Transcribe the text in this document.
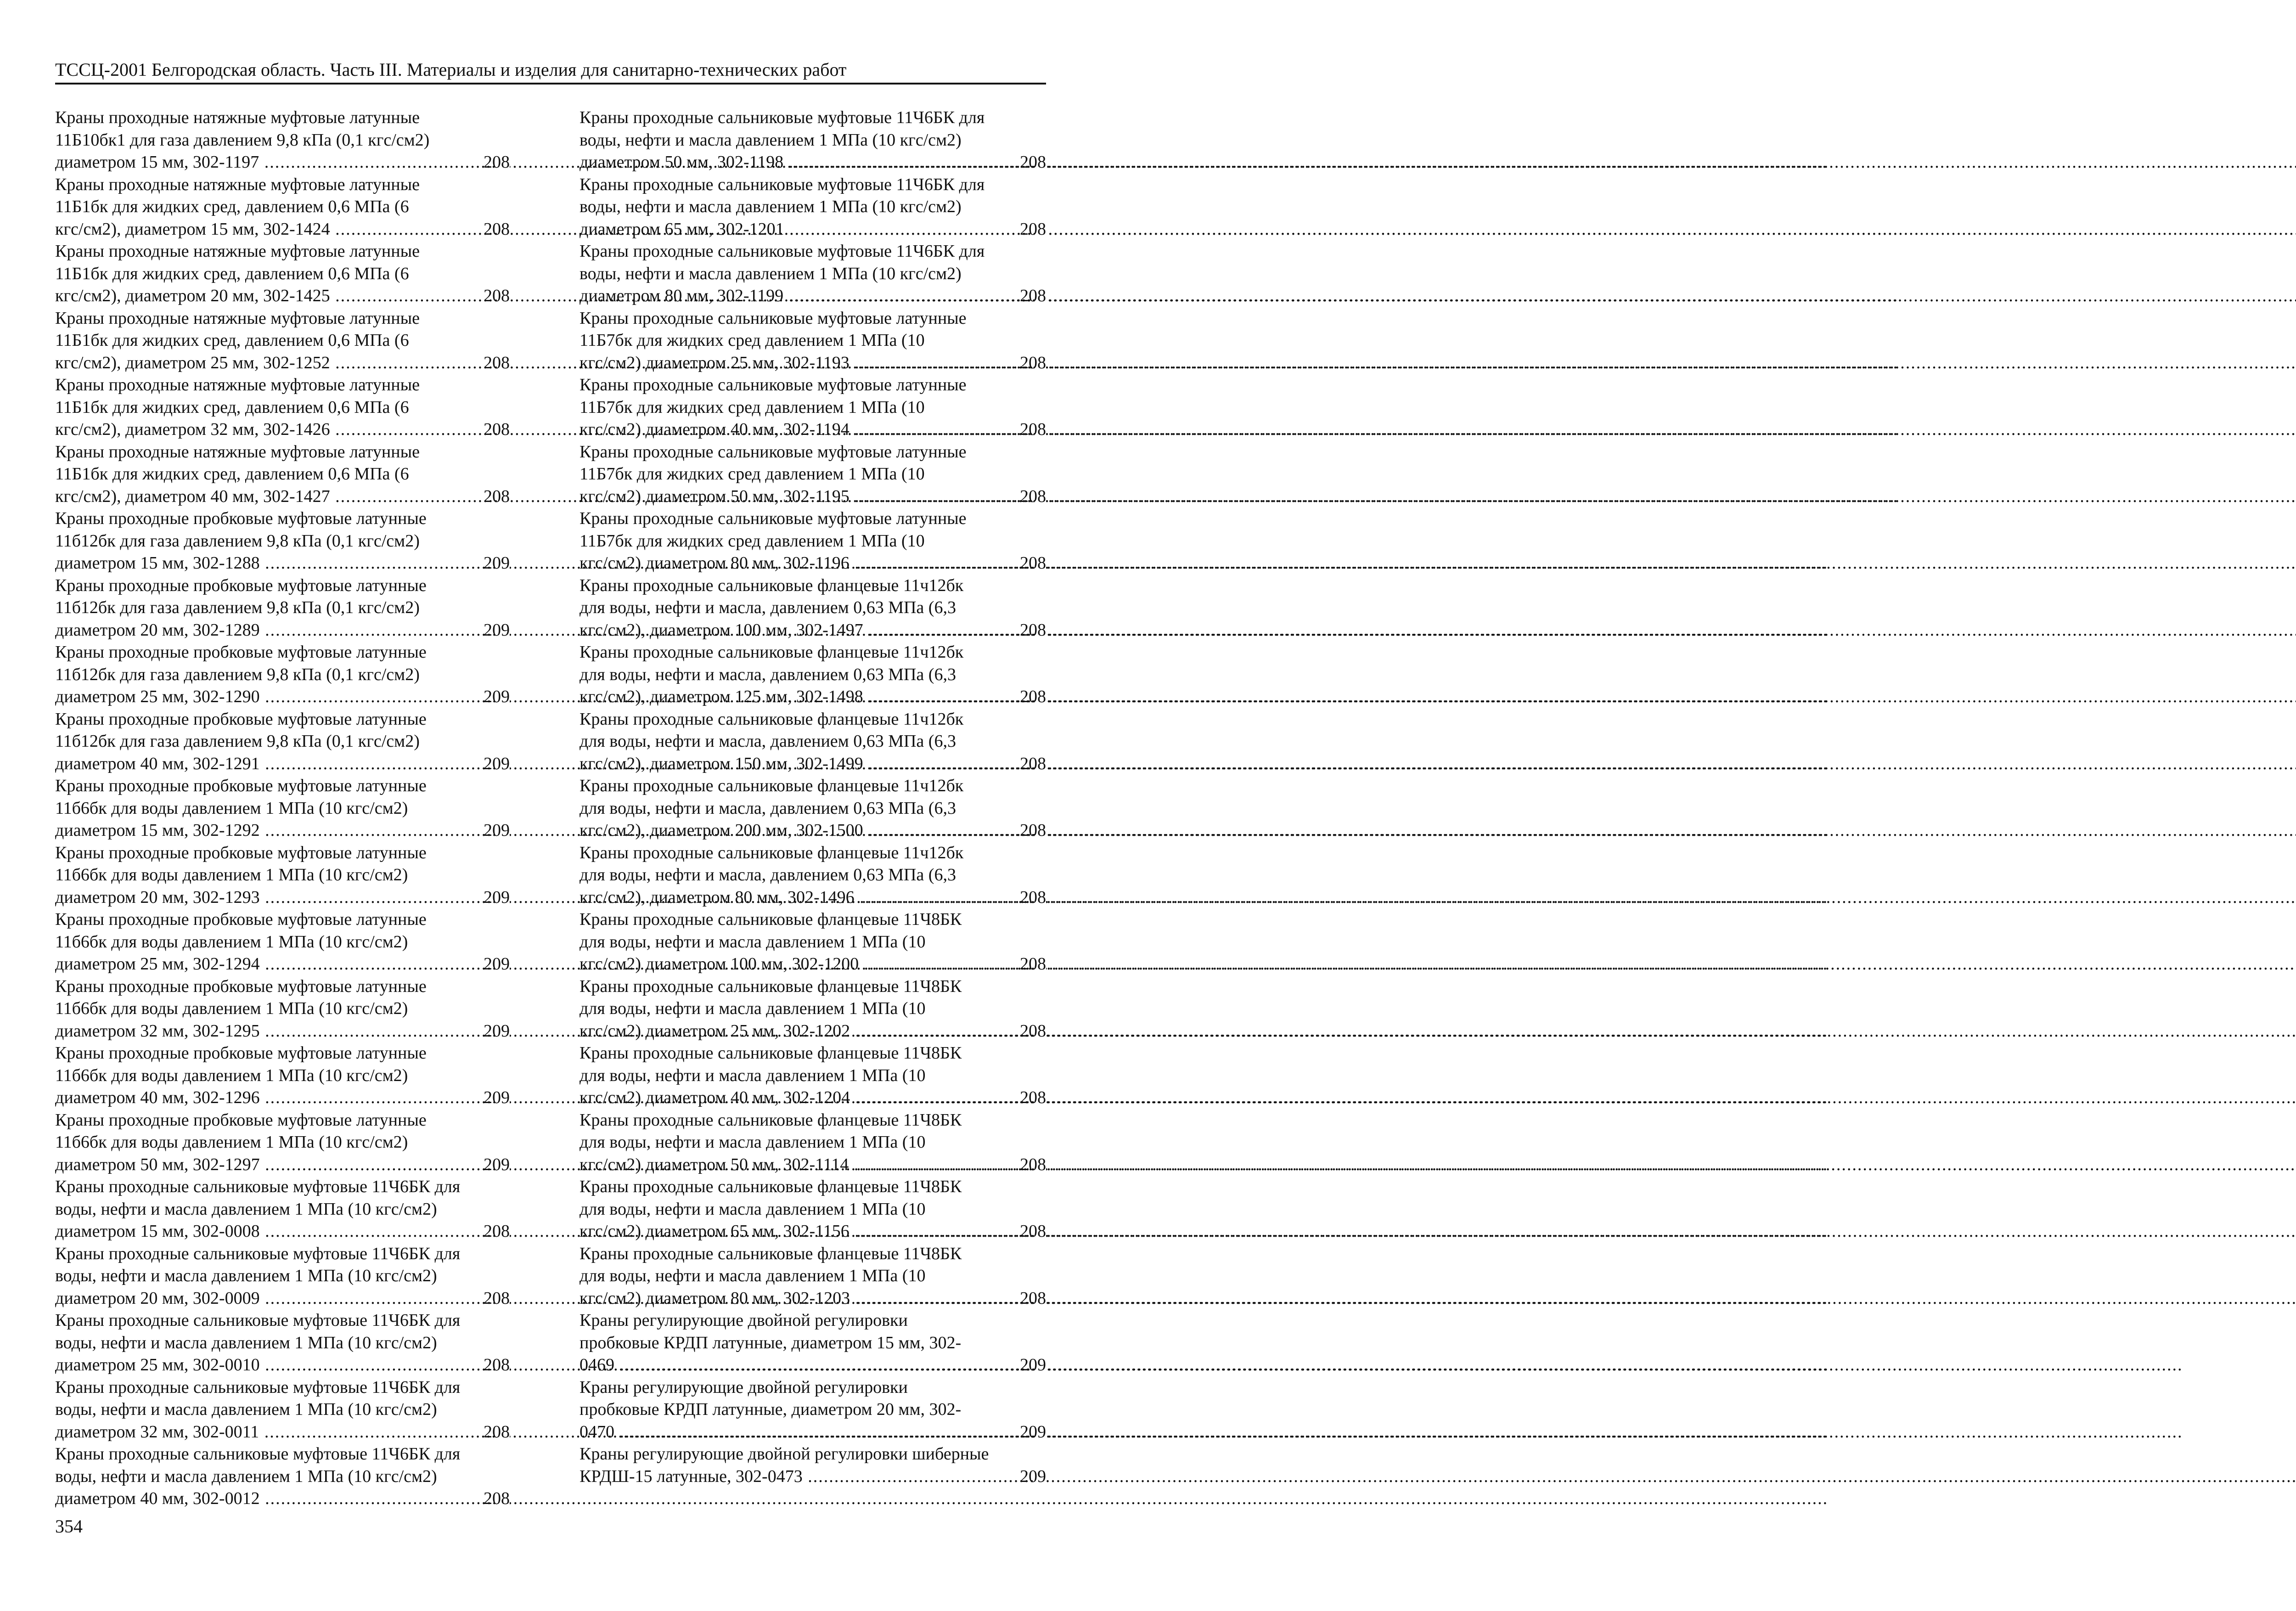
ТССЦ-2001 Белгородская область. Часть III. Материалы и изделия для санитарно-технических работ
Краны проходные натяжные муфтовые латунные
11Б10бк1 для газа давлением 9,8 кПа (0,1 кгс/см2)
208
диаметром 15 мм, 302-1197 .....
Краны проходные натяжные муфтовые латунные
11Б1бк для жидких сред, давлением 0,6 МПа (6
208
кгс/см2), диаметром 15 мм, 302-1424 .....
Краны проходные натяжные муфтовые латунные
11Б1бк для жидких сред, давлением 0,6 МПа (6
208
кгс/см2), диаметром 20 мм, 302-1425 .....
Краны проходные натяжные муфтовые латунные
11Б1бк для жидких сред, давлением 0,6 МПа (6
208
кгс/см2), диаметром 25 мм, 302-1252 .....
Краны проходные натяжные муфтовые латунные
11Б1бк для жидких сред, давлением 0,6 МПа (6
208
кгс/см2), диаметром 32 мм, 302-1426 .....
Краны проходные натяжные муфтовые латунные
11Б1бк для жидких сред, давлением 0,6 МПа (6
208
кгс/см2), диаметром 40 мм, 302-1427 .....
Краны проходные пробковые муфтовые латунные
11б12бк для газа давлением 9,8 кПа (0,1 кгс/см2)
209
диаметром 15 мм, 302-1288 .....
Краны проходные пробковые муфтовые латунные
11б12бк для газа давлением 9,8 кПа (0,1 кгс/см2)
209
диаметром 20 мм, 302-1289 .....
Краны проходные пробковые муфтовые латунные
11б12бк для газа давлением 9,8 кПа (0,1 кгс/см2)
209
диаметром 25 мм, 302-1290 .....
Краны проходные пробковые муфтовые латунные
11б12бк для газа давлением 9,8 кПа (0,1 кгс/см2)
209
диаметром 40 мм, 302-1291 .....
Краны проходные пробковые муфтовые латунные
11б6бк для воды давлением 1 МПа (10 кгс/см2)
209
диаметром 15 мм, 302-1292 .....
Краны проходные пробковые муфтовые латунные
11б6бк для воды давлением 1 МПа (10 кгс/см2)
209
диаметром 20 мм, 302-1293 .....
Краны проходные пробковые муфтовые латунные
11б6бк для воды давлением 1 МПа (10 кгс/см2)
209
диаметром 25 мм, 302-1294 .....
Краны проходные пробковые муфтовые латунные
11б6бк для воды давлением 1 МПа (10 кгс/см2)
209
диаметром 32 мм, 302-1295 .....
Краны проходные пробковые муфтовые латунные
11б6бк для воды давлением 1 МПа (10 кгс/см2)
209
диаметром 40 мм, 302-1296 .....
Краны проходные пробковые муфтовые латунные
11б6бк для воды давлением 1 МПа (10 кгс/см2)
209
диаметром 50 мм, 302-1297 .....
Краны проходные сальниковые муфтовые 11Ч6БК для
воды, нефти и масла давлением 1 МПа (10 кгс/см2)
208
диаметром 15 мм, 302-0008 .....
Краны проходные сальниковые муфтовые 11Ч6БК для
воды, нефти и масла давлением 1 МПа (10 кгс/см2)
208
диаметром 20 мм, 302-0009 .....
Краны проходные сальниковые муфтовые 11Ч6БК для
воды, нефти и масла давлением 1 МПа (10 кгс/см2)
208
диаметром 25 мм, 302-0010 .....
Краны проходные сальниковые муфтовые 11Ч6БК для
воды, нефти и масла давлением 1 МПа (10 кгс/см2)
208
диаметром 32 мм, 302-0011 .....
Краны проходные сальниковые муфтовые 11Ч6БК для
воды, нефти и масла давлением 1 МПа (10 кгс/см2)
208
диаметром 40 мм, 302-0012 .....
Краны проходные сальниковые муфтовые 11Ч6БК для
воды, нефти и масла давлением 1 МПа (10 кгс/см2)
208
диаметром 50 мм, 302-1198 .....
Краны проходные сальниковые муфтовые 11Ч6БК для
воды, нефти и масла давлением 1 МПа (10 кгс/см2)
208
диаметром 65 мм, 302-1201 .....
Краны проходные сальниковые муфтовые 11Ч6БК для
воды, нефти и масла давлением 1 МПа (10 кгс/см2)
208
диаметром 80 мм, 302-1199 .....
Краны проходные сальниковые муфтовые латунные
11Б7бк для жидких сред давлением 1 МПа (10
208
кгс/см2) диаметром 25 мм, 302-1193 .....
Краны проходные сальниковые муфтовые латунные
11Б7бк для жидких сред давлением 1 МПа (10
208
кгс/см2) диаметром 40 мм, 302-1194 .....
Краны проходные сальниковые муфтовые латунные
11Б7бк для жидких сред давлением 1 МПа (10
208
кгс/см2) диаметром 50 мм, 302-1195 .....
Краны проходные сальниковые муфтовые латунные
11Б7бк для жидких сред давлением 1 МПа (10
208
кгс/см2) диаметром 80 мм, 302-1196 .....
Краны проходные сальниковые фланцевые 11ч12бк
для воды, нефти и масла, давлением 0,63 МПа (6,3
208
кгс/см2), диаметром 100 мм, 302-1497 .....
Краны проходные сальниковые фланцевые 11ч12бк
для воды, нефти и масла, давлением 0,63 МПа (6,3
208
кгс/см2), диаметром 125 мм, 302-1498 .....
Краны проходные сальниковые фланцевые 11ч12бк
для воды, нефти и масла, давлением 0,63 МПа (6,3
208
кгс/см2), диаметром 150 мм, 302-1499 .....
Краны проходные сальниковые фланцевые 11ч12бк
для воды, нефти и масла, давлением 0,63 МПа (6,3
208
кгс/см2), диаметром 200 мм, 302-1500 .....
Краны проходные сальниковые фланцевые 11ч12бк
для воды, нефти и масла, давлением 0,63 МПа (6,3
208
кгс/см2), диаметром 80 мм, 302-1496 .....
Краны проходные сальниковые фланцевые 11Ч8БК
для воды, нефти и масла давлением 1 МПа (10
208
кгс/см2) диаметром 100 мм, 302-1200 .....
Краны проходные сальниковые фланцевые 11Ч8БК
для воды, нефти и масла давлением 1 МПа (10
208
кгс/см2) диаметром 25 мм, 302-1202 .....
Краны проходные сальниковые фланцевые 11Ч8БК
для воды, нефти и масла давлением 1 МПа (10
208
кгс/см2) диаметром 40 мм, 302-1204 .....
Краны проходные сальниковые фланцевые 11Ч8БК
для воды, нефти и масла давлением 1 МПа (10
208
кгс/см2) диаметром 50 мм, 302-1114 .....
Краны проходные сальниковые фланцевые 11Ч8БК
для воды, нефти и масла давлением 1 МПа (10
208
кгс/см2) диаметром 65 мм, 302-1156 .....
Краны проходные сальниковые фланцевые 11Ч8БК
для воды, нефти и масла давлением 1 МПа (10
208
кгс/см2) диаметром 80 мм, 302-1203 .....
Краны регулирующие двойной регулировки
пробковые КРДП латунные, диаметром 15 мм, 302-
209
0469 .....
Краны регулирующие двойной регулировки
пробковые КРДП латунные, диаметром 20 мм, 302-
209
0470 .....
Краны регулирующие двойной регулировки шиберные
209
КРДШ-15 латунные, 302-0473 .....
354
